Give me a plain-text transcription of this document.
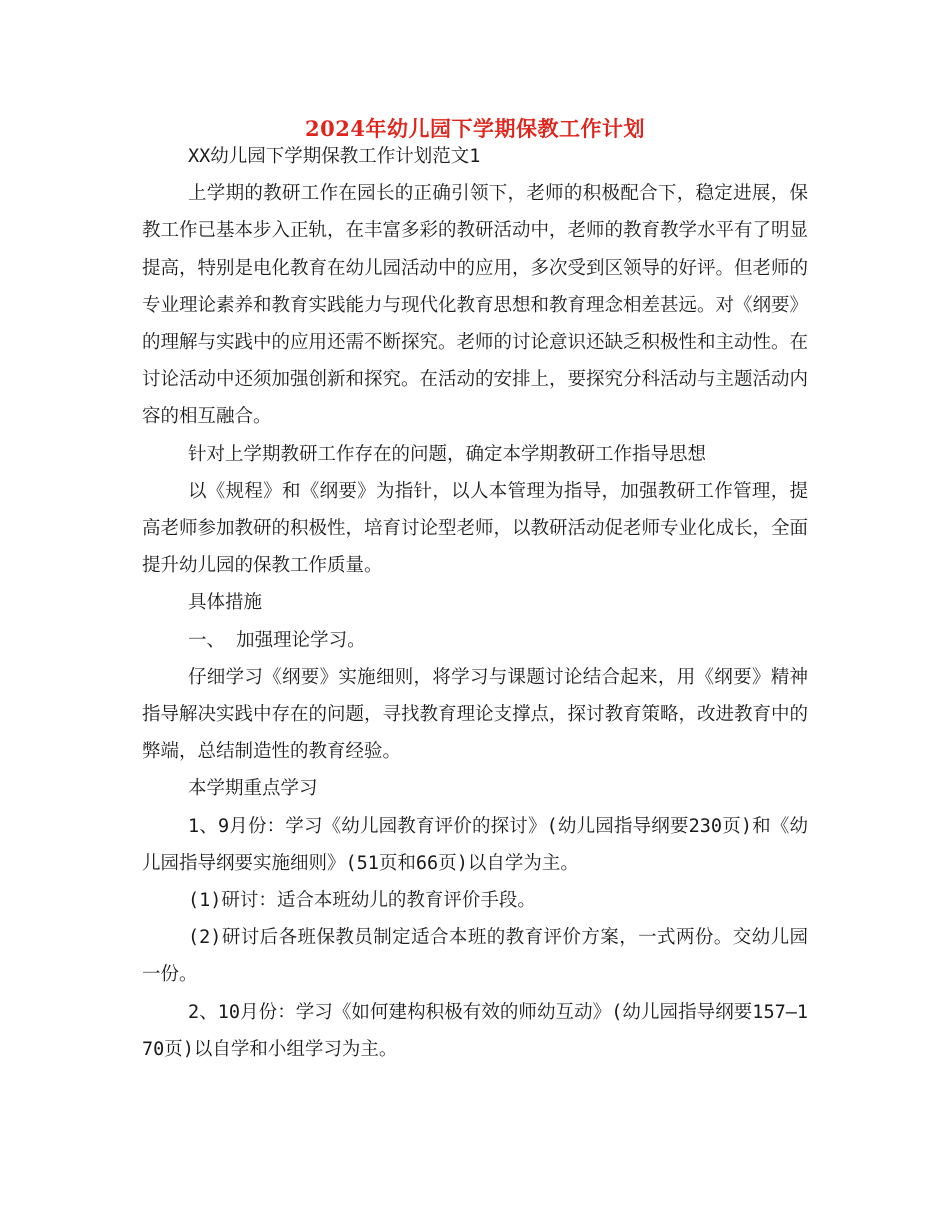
2024年幼儿园下学期保教工作计划

XX幼儿园下学期保教工作计划范文1

上学期的教研工作在园长的正确引领下，老师的积极配合下，稳定进展，保教工作已基本步入正轨，在丰富多彩的教研活动中，老师的教育教学水平有了明显提高，特别是电化教育在幼儿园活动中的应用，多次受到区领导的好评。但老师的专业理论素养和教育实践能力与现代化教育思想和教育理念相差甚远。对《纲要》的理解与实践中的应用还需不断探究。老师的讨论意识还缺乏积极性和主动性。在讨论活动中还须加强创新和探究。在活动的安排上，要探究分科活动与主题活动内容的相互融合。

针对上学期教研工作存在的问题，确定本学期教研工作指导思想

以《规程》和《纲要》为指针，以人本管理为指导，加强教研工作管理，提高老师参加教研的积极性，培育讨论型老师，以教研活动促老师专业化成长，全面提升幼儿园的保教工作质量。

具体措施

一、 加强理论学习。

仔细学习《纲要》实施细则，将学习与课题讨论结合起来，用《纲要》精神指导解决实践中存在的问题，寻找教育理论支撑点，探讨教育策略，改进教育中的弊端，总结制造性的教育经验。

本学期重点学习

1、9月份：学习《幼儿园教育评价的探讨》(幼儿园指导纲要230页)和《幼儿园指导纲要实施细则》(51页和66页)以自学为主。

(1)研讨：适合本班幼儿的教育评价手段。

(2)研讨后各班保教员制定适合本班的教育评价方案，一式两份。交幼儿园一份。

2、10月份：学习《如何建构积极有效的师幼互动》(幼儿园指导纲要157—170页)以自学和小组学习为主。
